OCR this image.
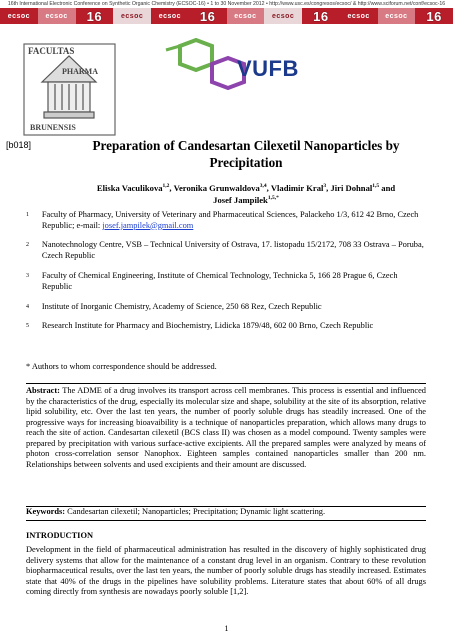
16th International Electronic Conference on Synthetic Organic Chemistry (ECSOC-16) • 1 to 30 November 2012 • http://www.usc.es/congresos/ecsoc/ & http://www.sciforum.net/conf/ecsoc-16
ecsoc ecsoc 16	ecsoc ecsoc 16	ecsoc ecsoc 16	ecsoc ecsoc 16
FACULTAS
PHARMA
BRUNENSIS
VUFB
[b018]	Preparation of Candesartan Cilexetil Nanoparticles by Precipitation
Eliska Vaculikova$^{1,2}$, Veronika Grunwaldova$^{3,4}$, Vladimir Kral$^3$, Jiri Dohnal$^{1,5}$ and
Josef Jampilek$^{1,5,*}$
1	Faculty of Pharmacy, University of Veterinary and Pharmaceutical Sciences, Palackeho 1/3, 612 42 Brno, Czech Republic; e-mail: josef.jampilek@gmail.com
2	Nanotechnology Centre, VSB – Technical University of Ostrava, 17. listopadu 15/2172, 708 33 Ostrava – Poruba, Czech Republic
3	Faculty of Chemical Engineering, Institute of Chemical Technology, Technicka 5, 166 28 Prague 6, Czech Republic
4	Institute of Inorganic Chemistry, Academy of Science, 250 68 Rez, Czech Republic
5	Research Institute for Pharmacy and Biochemistry, Lidicka 1879/48, 602 00 Brno, Czech Republic
* Authors to whom correspondence should be addressed.
Abstract: The ADME of a drug involves its transport across cell membranes. This process is essential and influenced by the characteristics of the drug, especially its molecular size and shape, solubility at the site of its absorption, relative lipid solubility, etc. Over the last ten years, the number of poorly soluble drugs has steadily increased. One of the progressive ways for increasing bioavaibility is a technique of nanoparticles preparation, which allows many drugs to reach the site of action. Candesartan cilexetil (BCS class II) was chosen as a model compound. Twenty samples were prepared by precipitation with various surface-active excipients. All the prepared samples were analyzed by means of photon cross-correlation sensor Nanophox. Eighteen samples contained nanoparticles smaller than 200 nm. Relationships between solvents and used excipients and their amount are discussed.
Keywords: Candesartan cilexetil; Nanoparticles; Precipitation; Dynamic light scattering.
INTRODUCTION
Development in the field of pharmaceutical administration has resulted in the discovery of highly sophisticated drug delivery systems that allow for the maintenance of a constant drug level in an organism. Contrary to these revolution biopharmaceutical results, over the last ten years, the number of poorly soluble drugs has steadily increased. Estimates state that 40% of the drugs in the pipelines have solubility problems. Literature states that about 60% of all drugs coming directly from synthesis are nowadays poorly soluble [1,2].
1
